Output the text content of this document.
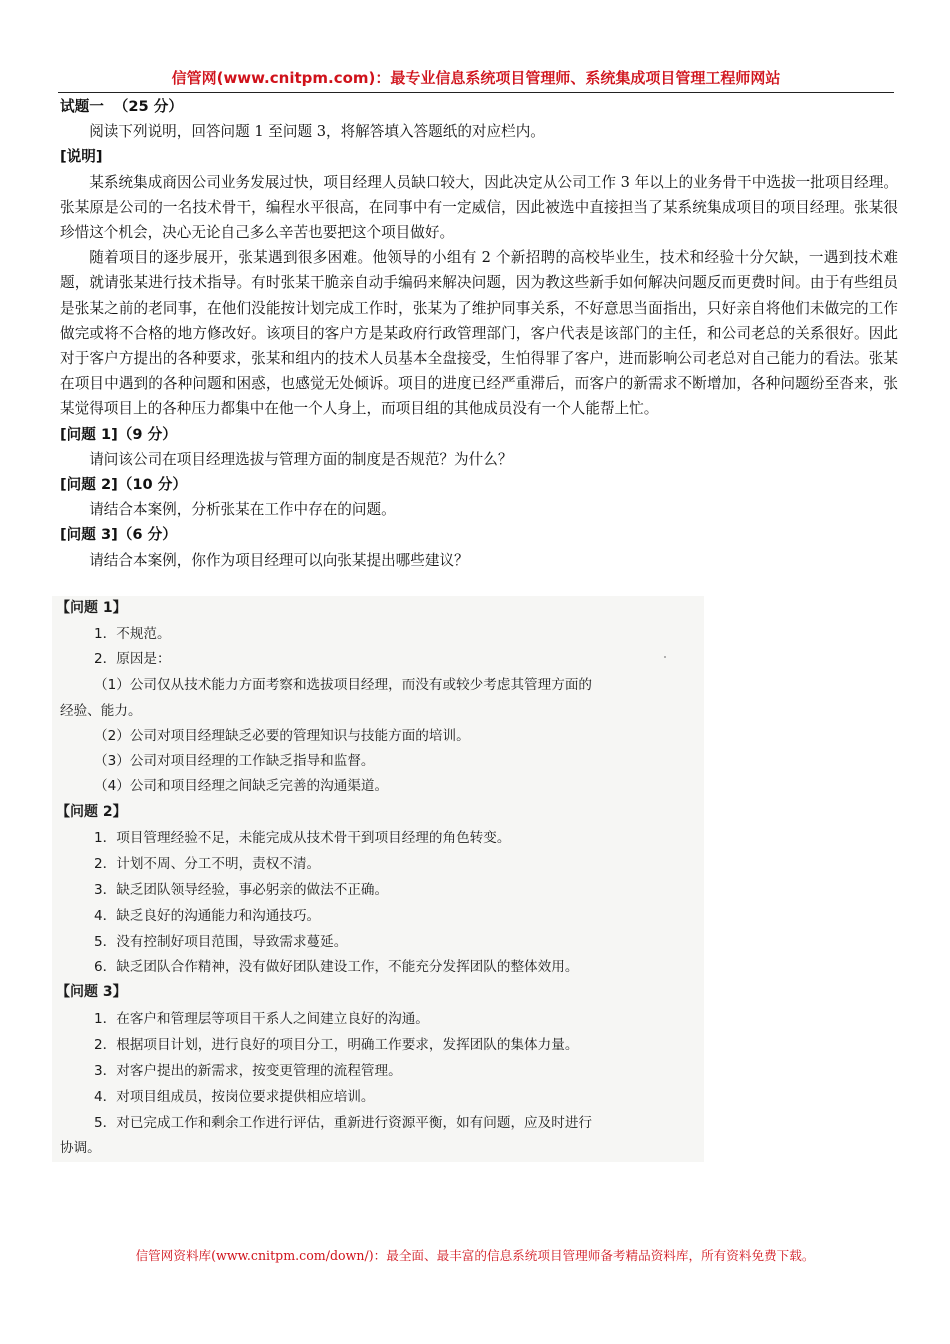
信管网(www.cnitpm.com)：最专业信息系统项目管理师、系统集成项目管理工程师网站

试题一 （25 分）

阅读下列说明，回答问题 1 至问题 3，将解答填入答题纸的对应栏内。

[说明]

某系统集成商因公司业务发展过快，项目经理人员缺口较大，因此决定从公司工作 3 年以上的业务骨干中选拔一批项目经理。张某原是公司的一名技术骨干，编程水平很高，在同事中有一定威信，因此被选中直接担当了某系统集成项目的项目经理。张某很珍惜这个机会，决心无论自己多么辛苦也要把这个项目做好。

随着项目的逐步展开，张某遇到很多困难。他领导的小组有 2 个新招聘的高校毕业生，技术和经验十分欠缺，一遇到技术难题，就请张某进行技术指导。有时张某干脆亲自动手编码来解决问题，因为教这些新手如何解决问题反而更费时间。由于有些组员是张某之前的老同事，在他们没能按计划完成工作时，张某为了维护同事关系，不好意思当面指出，只好亲自将他们未做完的工作做完或将不合格的地方修改好。该项目的客户方是某政府行政管理部门，客户代表是该部门的主任，和公司老总的关系很好。因此对于客户方提出的各种要求，张某和组内的技术人员基本全盘接受，生怕得罪了客户，进而影响公司老总对自己能力的看法。张某在项目中遇到的各种问题和困惑，也感觉无处倾诉。项目的进度已经严重滞后，而客户的新需求不断增加，各种问题纷至沓来，张某觉得项目上的各种压力都集中在他一个人身上，而项目组的其他成员没有一个人能帮上忙。

[问题 1]（9 分）

请问该公司在项目经理选拔与管理方面的制度是否规范？为什么？

[问题 2]（10 分）

请结合本案例，分析张某在工作中存在的问题。

[问题 3]（6 分）

请结合本案例，你作为项目经理可以向张某提出哪些建议？

【问题 1】
1．不规范。
2．原因是：
（1）公司仅从技术能力方面考察和选拔项目经理，而没有或较少考虑其管理方面的
经验、能力。
（2）公司对项目经理缺乏必要的管理知识与技能方面的培训。
（3）公司对项目经理的工作缺乏指导和监督。
（4）公司和项目经理之间缺乏完善的沟通渠道。
【问题 2】
1．项目管理经验不足，未能完成从技术骨干到项目经理的角色转变。
2．计划不周、分工不明，责权不清。
3．缺乏团队领导经验，事必躬亲的做法不正确。
4．缺乏良好的沟通能力和沟通技巧。
5．没有控制好项目范围，导致需求蔓延。
6．缺乏团队合作精神，没有做好团队建设工作，不能充分发挥团队的整体效用。
【问题 3】
1．在客户和管理层等项目干系人之间建立良好的沟通。
2．根据项目计划，进行良好的项目分工，明确工作要求，发挥团队的集体力量。
3．对客户提出的新需求，按变更管理的流程管理。
4．对项目组成员，按岗位要求提供相应培训。
5．对已完成工作和剩余工作进行评估，重新进行资源平衡，如有问题，应及时进行
协调。
信管网资料库(www.cnitpm.com/down/)：最全面、最丰富的信息系统项目管理师备考精品资料库，所有资料免费下载。
